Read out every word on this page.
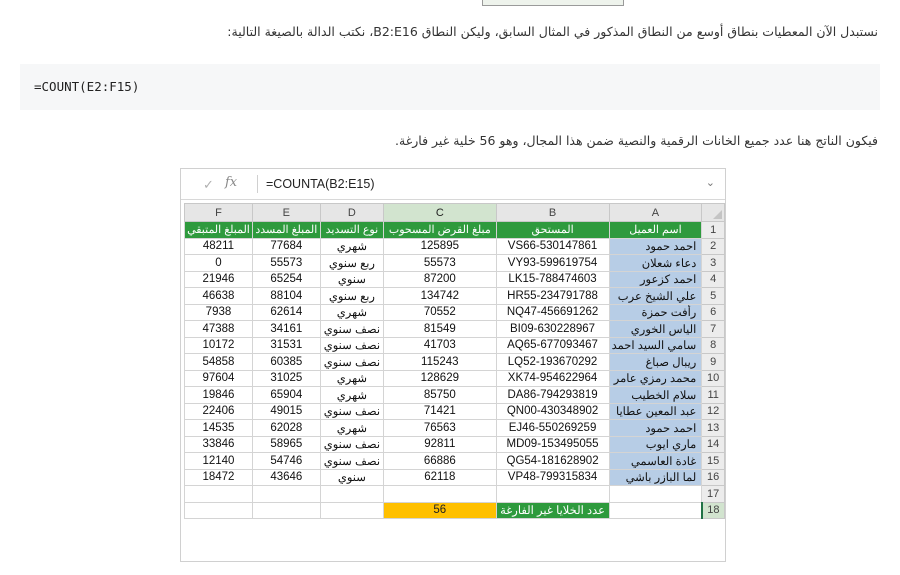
نستبدل الآن المعطيات بنطاق أوسع من النطاق المذكور في المثال السابق، وليكن النطاق B2:E16، نكتب الدالة بالصيغة التالية:
=COUNT(E2:F15)
فيكون الناتج هنا عدد جميع الخانات الرقمية والنصية ضمن هذا المجال، وهو 56 خلية غير فارغة.
✓ fx	=COUNTA(B2:E15)	⌄
F	E	D	C	B	A	

المبلغ المتبقي	المبلغ المسدد	نوع التسديد	مبلغ القرض المسحوب	المستحق	اسم العميل	1
48211	77684	شهري	125895	VS66-530147861	احمد حمود	2
0	55573	ربع سنوي	55573	VY93-599619754	دعاء شعلان	3
21946	65254	سنوي	87200	LK15-788474603	احمد كزعور	4
46638	88104	ربع سنوي	134742	HR55-234791788	علي الشيخ عرب	5
7938	62614	شهري	70552	NQ47-456691262	رأفت حمزة	6
47388	34161	نصف سنوي	81549	BI09-630228967	الياس الخوري	7
10172	31531	نصف سنوي	41703	AQ65-677093467	سامي السيد احمد	8
54858	60385	نصف سنوي	115243	LQ52-193670292	ريبال صباغ	9
97604	31025	شهري	128629	XK74-954622964	محمد رمزي عامر	10
19846	65904	شهري	85750	DA86-794293819	سلام الخطيب	11
22406	49015	نصف سنوي	71421	QN00-430348902	عبد المعين عطايا	12
14535	62028	شهري	76563	EJ46-550269259	احمد حمود	13
33846	58965	نصف سنوي	92811	MD09-153495055	ماري ايوب	14
12140	54746	نصف سنوي	66886	QG54-181628902	غادة العاسمي	15
18472	43646	سنوي	62118	VP48-799315834	لما البازر باشي	16
						17
			56	عدد الخلايا غير الفارغة		18
